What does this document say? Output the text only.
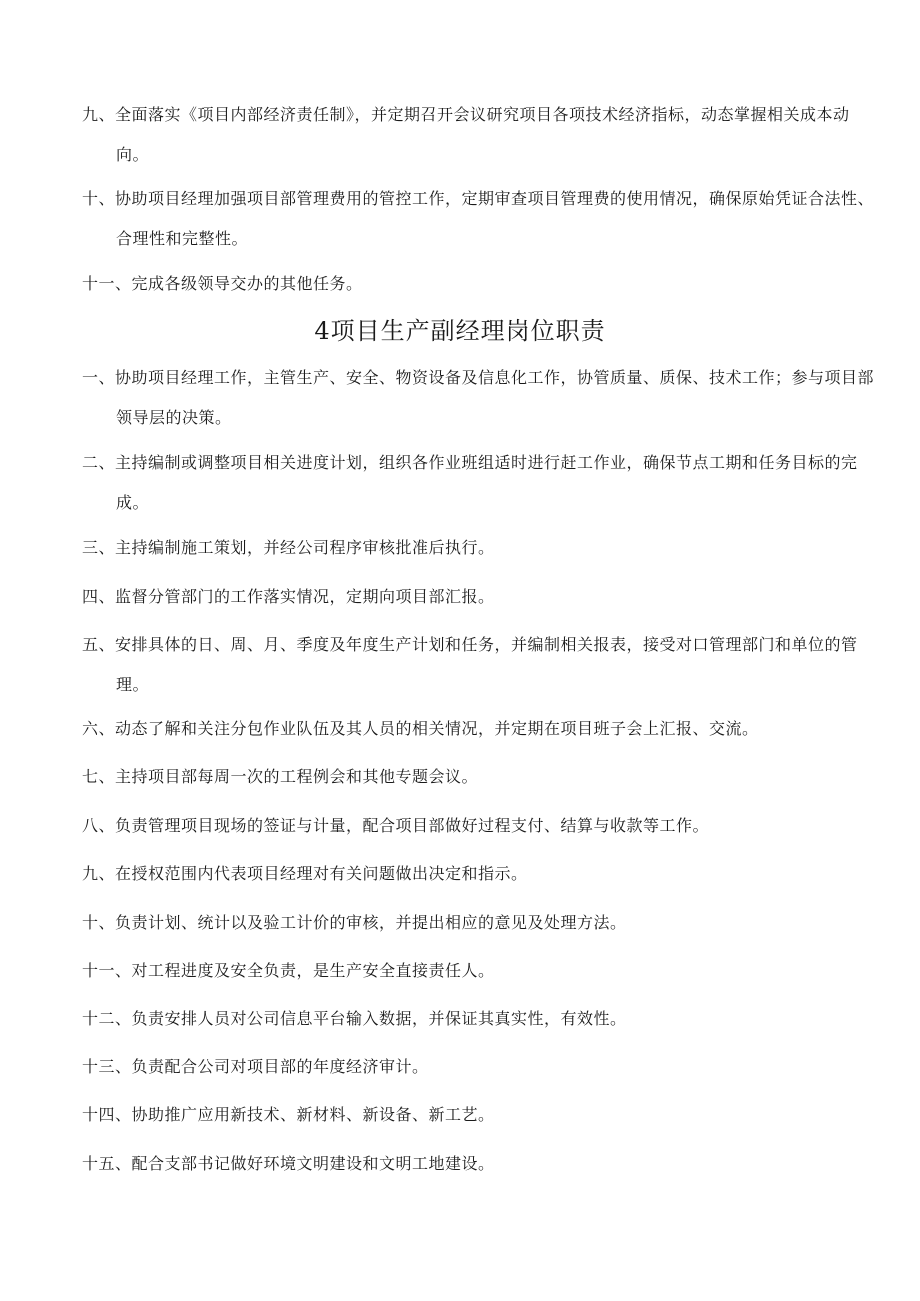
九、全面落实《项目内部经济责任制》，并定期召开会议研究项目各项技术经济指标，动态掌握相关成本动向。
十、协助项目经理加强项目部管理费用的管控工作，定期审查项目管理费的使用情况，确保原始凭证合法性、合理性和完整性。
十一、完成各级领导交办的其他任务。
4项目生产副经理岗位职责
一、协助项目经理工作，主管生产、安全、物资设备及信息化工作，协管质量、质保、技术工作；参与项目部领导层的决策。
二、主持编制或调整项目相关进度计划，组织各作业班组适时进行赶工作业，确保节点工期和任务目标的完成。
三、主持编制施工策划，并经公司程序审核批准后执行。
四、监督分管部门的工作落实情况，定期向项目部汇报。
五、安排具体的日、周、月、季度及年度生产计划和任务，并编制相关报表，接受对口管理部门和单位的管理。
六、动态了解和关注分包作业队伍及其人员的相关情况，并定期在项目班子会上汇报、交流。
七、主持项目部每周一次的工程例会和其他专题会议。
八、负责管理项目现场的签证与计量，配合项目部做好过程支付、结算与收款等工作。
九、在授权范围内代表项目经理对有关问题做出决定和指示。
十、负责计划、统计以及验工计价的审核，并提出相应的意见及处理方法。
十一、对工程进度及安全负责，是生产安全直接责任人。
十二、负责安排人员对公司信息平台输入数据，并保证其真实性，有效性。
十三、负责配合公司对项目部的年度经济审计。
十四、协助推广应用新技术、新材料、新设备、新工艺。
十五、配合支部书记做好环境文明建设和文明工地建设。
